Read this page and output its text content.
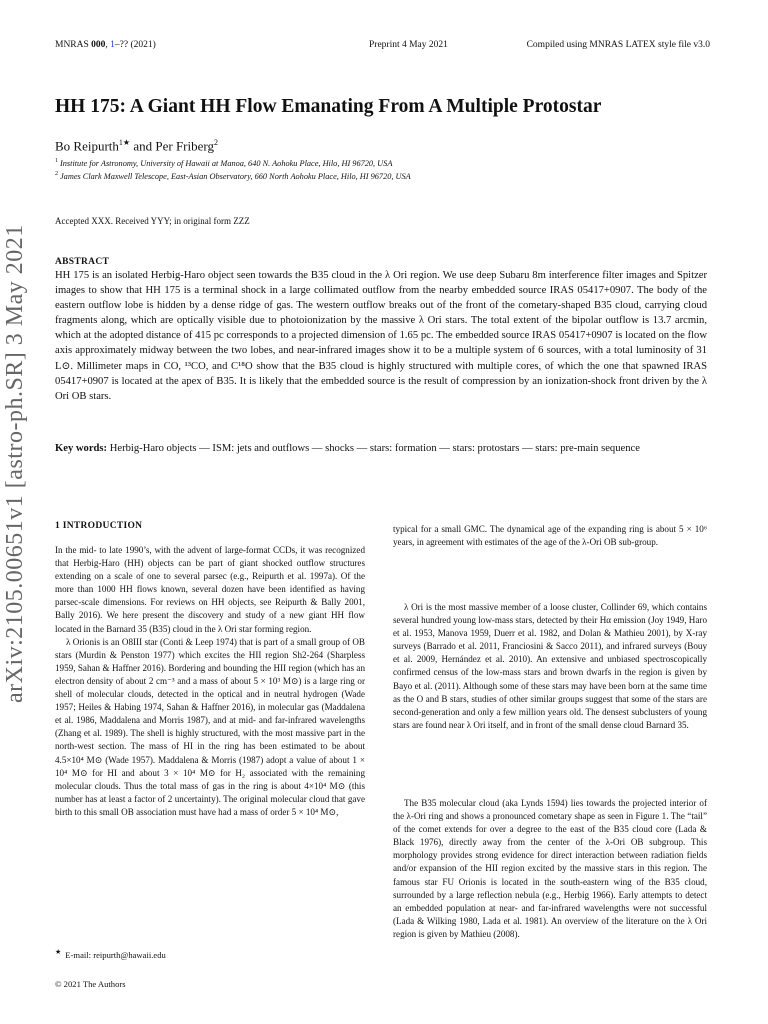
MNRAS 000, 1–?? (2021)	Preprint 4 May 2021	Compiled using MNRAS LATEX style file v3.0
arXiv:2105.00651v1 [astro-ph.SR] 3 May 2021
HH 175: A Giant HH Flow Emanating From A Multiple Protostar
Bo Reipurth$^{1★}$ and Per Friberg$^2$
$^1$ Institute for Astronomy, University of Hawaii at Manoa, 640 N. Aohoku Place, Hilo, HI 96720, USA
$^2$ James Clark Maxwell Telescope, East-Asian Observatory, 660 North Aohoku Place, Hilo, HI 96720, USA
Accepted XXX. Received YYY; in original form ZZZ
ABSTRACT
HH 175 is an isolated Herbig-Haro object seen towards the B35 cloud in the λ Ori region. We use deep Subaru 8m interference filter images and Spitzer images to show that HH 175 is a terminal shock in a large collimated outflow from the nearby embedded source IRAS 05417+0907. The body of the eastern outflow lobe is hidden by a dense ridge of gas. The western outflow breaks out of the front of the cometary-shaped B35 cloud, carrying cloud fragments along, which are optically visible due to photoionization by the massive λ Ori stars. The total extent of the bipolar outflow is 13.7 arcmin, which at the adopted distance of 415 pc corresponds to a projected dimension of 1.65 pc. The embedded source IRAS 05417+0907 is located on the flow axis approximately midway between the two lobes, and near-infrared images show it to be a multiple system of 6 sources, with a total luminosity of 31 L⊙. Millimeter maps in CO, ¹³CO, and C¹⁸O show that the B35 cloud is highly structured with multiple cores, of which the one that spawned IRAS 05417+0907 is located at the apex of B35. It is likely that the embedded source is the result of compression by an ionization-shock front driven by the λ Ori OB stars.
Key words: Herbig-Haro objects — ISM: jets and outflows — shocks — stars: formation — stars: protostars — stars: pre-main sequence
1 INTRODUCTION

In the mid- to late 1990’s, with the advent of large-format CCDs, it was recognized that Herbig-Haro (HH) objects can be part of giant shocked outflow structures extending on a scale of one to several parsec (e.g., Reipurth et al. 1997a). Of the more than 1000 HH flows known, several dozen have been identified as having parsec-scale dimensions. For reviews on HH objects, see Reipurth & Bally 2001, Bally 2016). We here present the discovery and study of a new giant HH flow located in the Barnard 35 (B35) cloud in the λ Ori star forming region.

λ Orionis is an O8III star (Conti & Leep 1974) that is part of a small group of OB stars (Murdin & Penston 1977) which excites the HII region Sh2-264 (Sharpless 1959, Sahan & Haffner 2016). Bordering and bounding the HII region (which has an electron density of about 2 cm⁻³ and a mass of about 5 × 10³ M⊙) is a large ring or shell of molecular clouds, detected in the optical and in neutral hydrogen (Wade 1957; Heiles & Habing 1974, Sahan & Haffner 2016), in molecular gas (Maddalena et al. 1986, Maddalena and Morris 1987), and at mid- and far-infrared wavelengths (Zhang et al. 1989). The shell is highly structured, with the most massive part in the north-west section. The mass of HI in the ring has been estimated to be about 4.5×10⁴ M⊙ (Wade 1957). Maddalena & Morris (1987) adopt a value of about 1 × 10⁴ M⊙ for HI and about 3 × 10⁴ M⊙ for H₂ associated with the remaining molecular clouds. Thus the total mass of gas in the ring is about 4×10⁴ M⊙ (this number has at least a factor of 2 uncertainty). The original molecular cloud that gave birth to this small OB association must have had a mass of order 5 × 10⁴ M⊙,

typical for a small GMC. The dynamical age of the expanding ring is about 5 × 10⁶ years, in agreement with estimates of the age of the λ-Ori OB sub-group.

λ Ori is the most massive member of a loose cluster, Collinder 69, which contains several hundred young low-mass stars, detected by their Hα emission (Joy 1949, Haro et al. 1953, Manova 1959, Duerr et al. 1982, and Dolan & Mathieu 2001), by X-ray surveys (Barrado et al. 2011, Franciosini & Sacco 2011), and infrared surveys (Bouy et al. 2009, Hernández et al. 2010). An extensive and unbiased spectroscopically confirmed census of the low-mass stars and brown dwarfs in the region is given by Bayo et al. (2011). Although some of these stars may have been born at the same time as the O and B stars, studies of other similar groups suggest that some of the stars are second-generation and only a few million years old. The densest subclusters of young stars are found near λ Ori itself, and in front of the small dense cloud Barnard 35.

The B35 molecular cloud (aka Lynds 1594) lies towards the projected interior of the λ-Ori ring and shows a pronounced cometary shape as seen in Figure 1. The “tail” of the comet extends for over a degree to the east of the B35 cloud core (Lada & Black 1976), directly away from the center of the λ-Ori OB subgroup. This morphology provides strong evidence for direct interaction between radiation fields and/or expansion of the HII region excited by the massive stars in this region. The famous star FU Orionis is located in the south-eastern wing of the B35 cloud, surrounded by a large reflection nebula (e.g., Herbig 1966). Early attempts to detect an embedded population at near- and far-infrared wavelengths were not successful (Lada & Wilking 1980, Lada et al. 1981). An overview of the literature on the λ Ori region is given by Mathieu (2008).

★ E-mail: reipurth@hawaii.edu
© 2021 The Authors
